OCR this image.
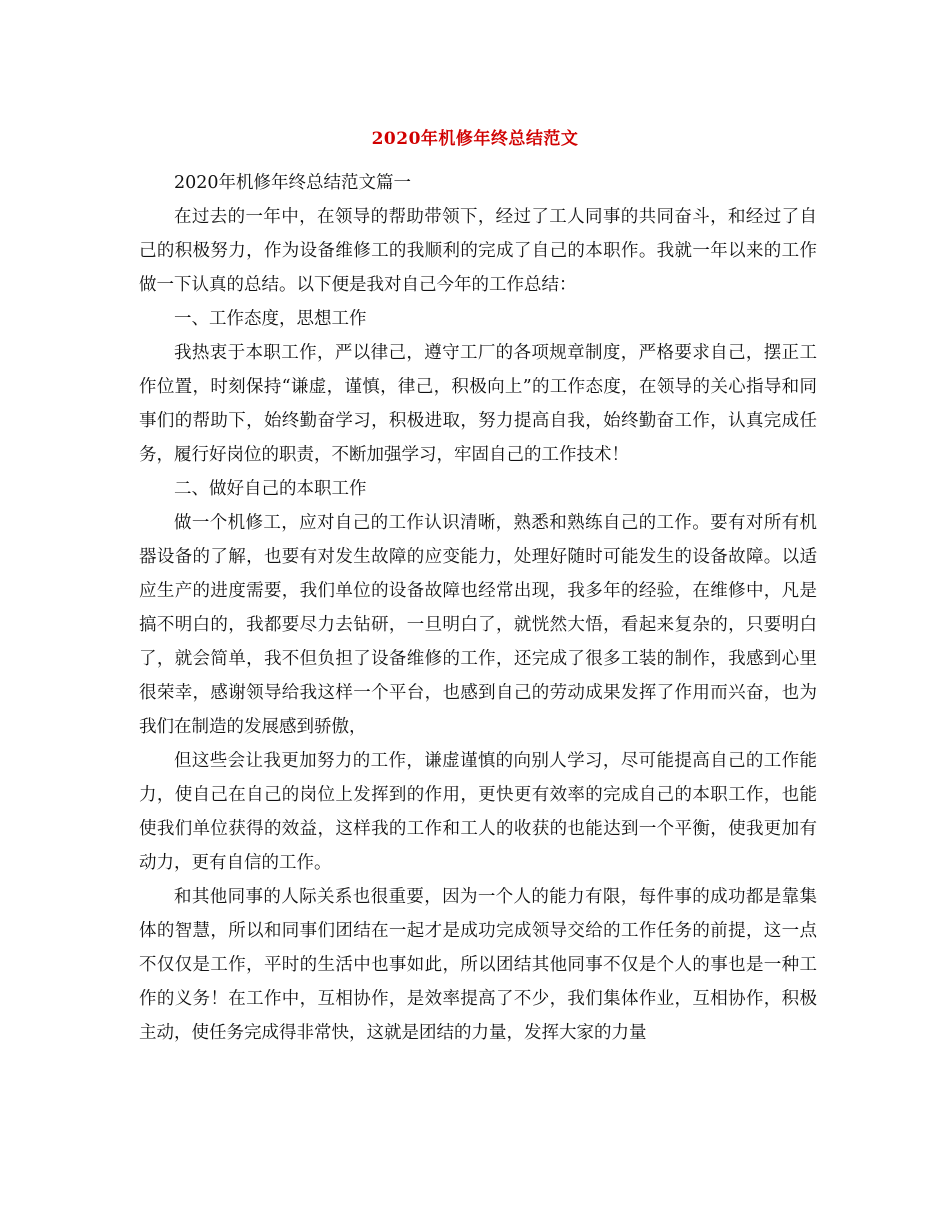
2020年机修年终总结范文

2020年机修年终总结范文篇一

在过去的一年中，在领导的帮助带领下，经过了工人同事的共同奋斗，和经过了自己的积极努力，作为设备维修工的我顺利的完成了自己的本职作。我就一年以来的工作做一下认真的总结。以下便是我对自己今年的工作总结：

一、工作态度，思想工作

我热衷于本职工作，严以律己，遵守工厂的各项规章制度，严格要求自己，摆正工作位置，时刻保持“谦虚，谨慎，律己，积极向上”的工作态度，在领导的关心指导和同事们的帮助下，始终勤奋学习，积极进取，努力提高自我，始终勤奋工作，认真完成任务，履行好岗位的职责，不断加强学习，牢固自己的工作技术！

二、做好自己的本职工作

做一个机修工，应对自己的工作认识清晰，熟悉和熟练自己的工作。要有对所有机器设备的了解，也要有对发生故障的应变能力，处理好随时可能发生的设备故障。以适应生产的进度需要，我们单位的设备故障也经常出现，我多年的经验，在维修中，凡是搞不明白的，我都要尽力去钻研，一旦明白了，就恍然大悟，看起来复杂的，只要明白了，就会简单，我不但负担了设备维修的工作，还完成了很多工装的制作，我感到心里很荣幸，感谢领导给我这样一个平台，也感到自己的劳动成果发挥了作用而兴奋，也为我们在制造的发展感到骄傲，

但这些会让我更加努力的工作，谦虚谨慎的向别人学习，尽可能提高自己的工作能力，使自己在自己的岗位上发挥到的作用，更快更有效率的完成自己的本职工作，也能使我们单位获得的效益，这样我的工作和工人的收获的也能达到一个平衡，使我更加有动力，更有自信的工作。

和其他同事的人际关系也很重要，因为一个人的能力有限，每件事的成功都是靠集体的智慧，所以和同事们团结在一起才是成功完成领导交给的工作任务的前提，这一点不仅仅是工作，平时的生活中也事如此，所以团结其他同事不仅是个人的事也是一种工作的义务！在工作中，互相协作，是效率提高了不少，我们集体作业，互相协作，积极主动，使任务完成得非常快，这就是团结的力量，发挥大家的力量
